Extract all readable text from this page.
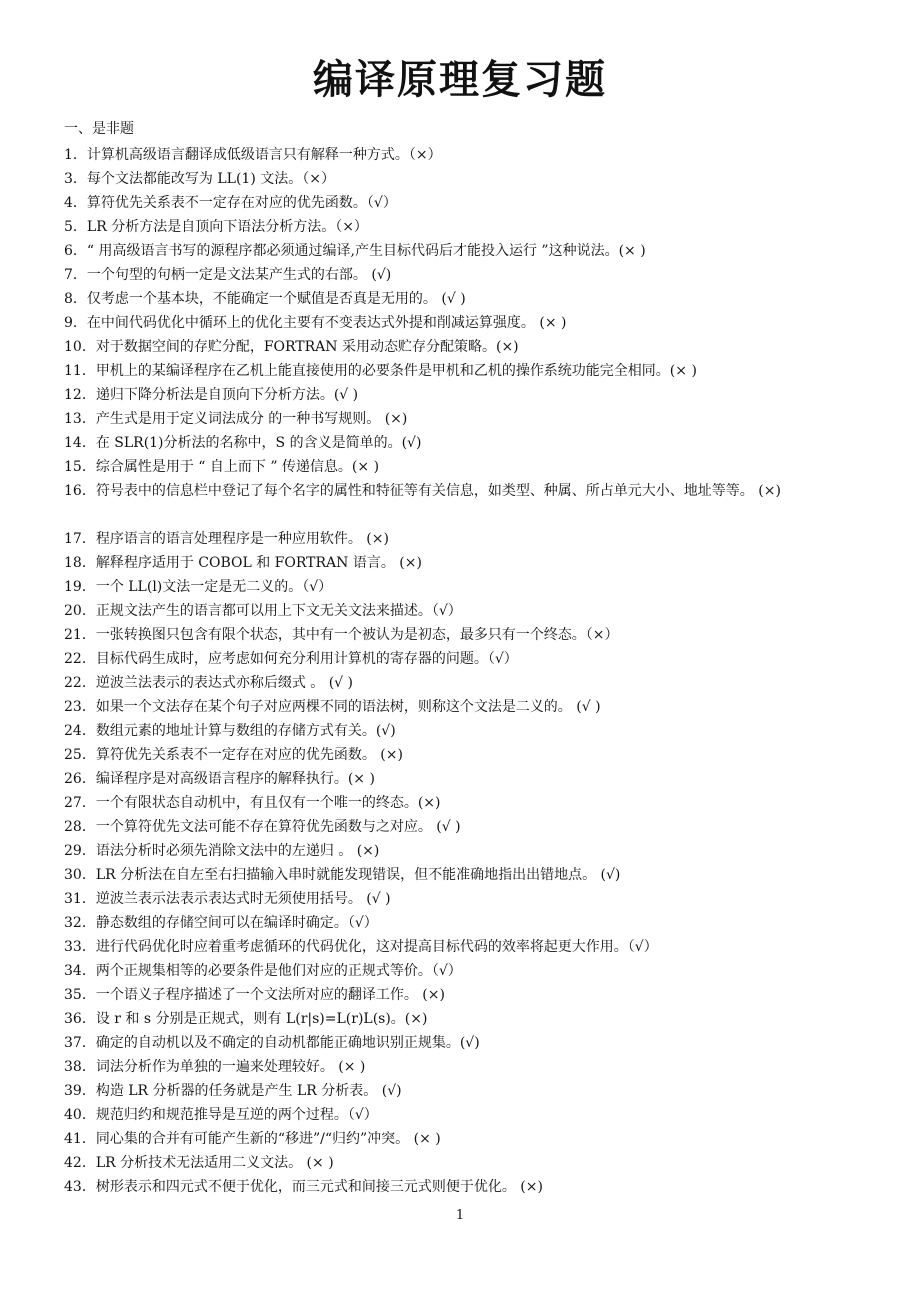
编译原理复习题

一、是非题

1．计算机高级语言翻译成低级语言只有解释一种方式。（×）
3．每个文法都能改写为 LL(1) 文法。（×）
4．算符优先关系表不一定存在对应的优先函数。（√）
5．LR 分析方法是自顶向下语法分析方法。（×）
6．“ 用高级语言书写的源程序都必须通过编译,产生目标代码后才能投入运行 ”这种说法。(× )
7．一个句型的句柄一定是文法某产生式的右部。 (√)
8．仅考虑一个基本块，不能确定一个赋值是否真是无用的。 (√ )
9．在中间代码优化中循环上的优化主要有不变表达式外提和削减运算强度。 (× )
10．对于数据空间的存贮分配，FORTRAN 采用动态贮存分配策略。(×)
11．甲机上的某编译程序在乙机上能直接使用的必要条件是甲机和乙机的操作系统功能完全相同。(× )
12．递归下降分析法是自顶向下分析方法。(√ )
13．产生式是用于定义词法成分 的一种书写规则。 (×)
14．在 SLR(1)分析法的名称中，S 的含义是简单的。(√)
15．综合属性是用于 “ 自上而下 ” 传递信息。(× )
16．符号表中的信息栏中登记了每个名字的属性和特征等有关信息，如类型、种属、所占单元大小、地址等等。 (×)
17．程序语言的语言处理程序是一种应用软件。 (×)
18．解释程序适用于 COBOL 和 FORTRAN 语言。 (×)
19．一个 LL(l)文法一定是无二义的。（√）
20．正规文法产生的语言都可以用上下文无关文法来描述。（√）
21．一张转换图只包含有限个状态，其中有一个被认为是初态，最多只有一个终态。（×）
22．目标代码生成时，应考虑如何充分利用计算机的寄存器的问题。（√）
22．逆波兰法表示的表达式亦称后缀式 。 (√ )
23．如果一个文法存在某个句子对应两棵不同的语法树，则称这个文法是二义的。 (√ )
24．数组元素的地址计算与数组的存储方式有关。(√)
25．算符优先关系表不一定存在对应的优先函数。 (×)
26．编译程序是对高级语言程序的解释执行。(× )
27．一个有限状态自动机中，有且仅有一个唯一的终态。(×)
28．一个算符优先文法可能不存在算符优先函数与之对应。 (√ )
29．语法分析时必须先消除文法中的左递归 。 (×)
30．LR 分析法在自左至右扫描输入串时就能发现错误，但不能准确地指出出错地点。 (√)
31．逆波兰表示法表示表达式时无须使用括号。 (√ )
32．静态数组的存储空间可以在编译时确定。（√）
33．进行代码优化时应着重考虑循环的代码优化，这对提高目标代码的效率将起更大作用。（√）
34．两个正规集相等的必要条件是他们对应的正规式等价。（√）
35．一个语义子程序描述了一个文法所对应的翻译工作。 (×)
36．设 r 和 s 分别是正规式，则有 L(r|s)=L(r)L(s)。(×)
37．确定的自动机以及不确定的自动机都能正确地识别正规集。(√)
38．词法分析作为单独的一遍来处理较好。 (× )
39．构造 LR 分析器的任务就是产生 LR 分析表。 (√)
40．规范归约和规范推导是互逆的两个过程。（√）
41．同心集的合并有可能产生新的“移进”/“归约”冲突。 (× )
42．LR 分析技术无法适用二义文法。 (× )
43．树形表示和四元式不便于优化，而三元式和间接三元式则便于优化。 (×)
1
